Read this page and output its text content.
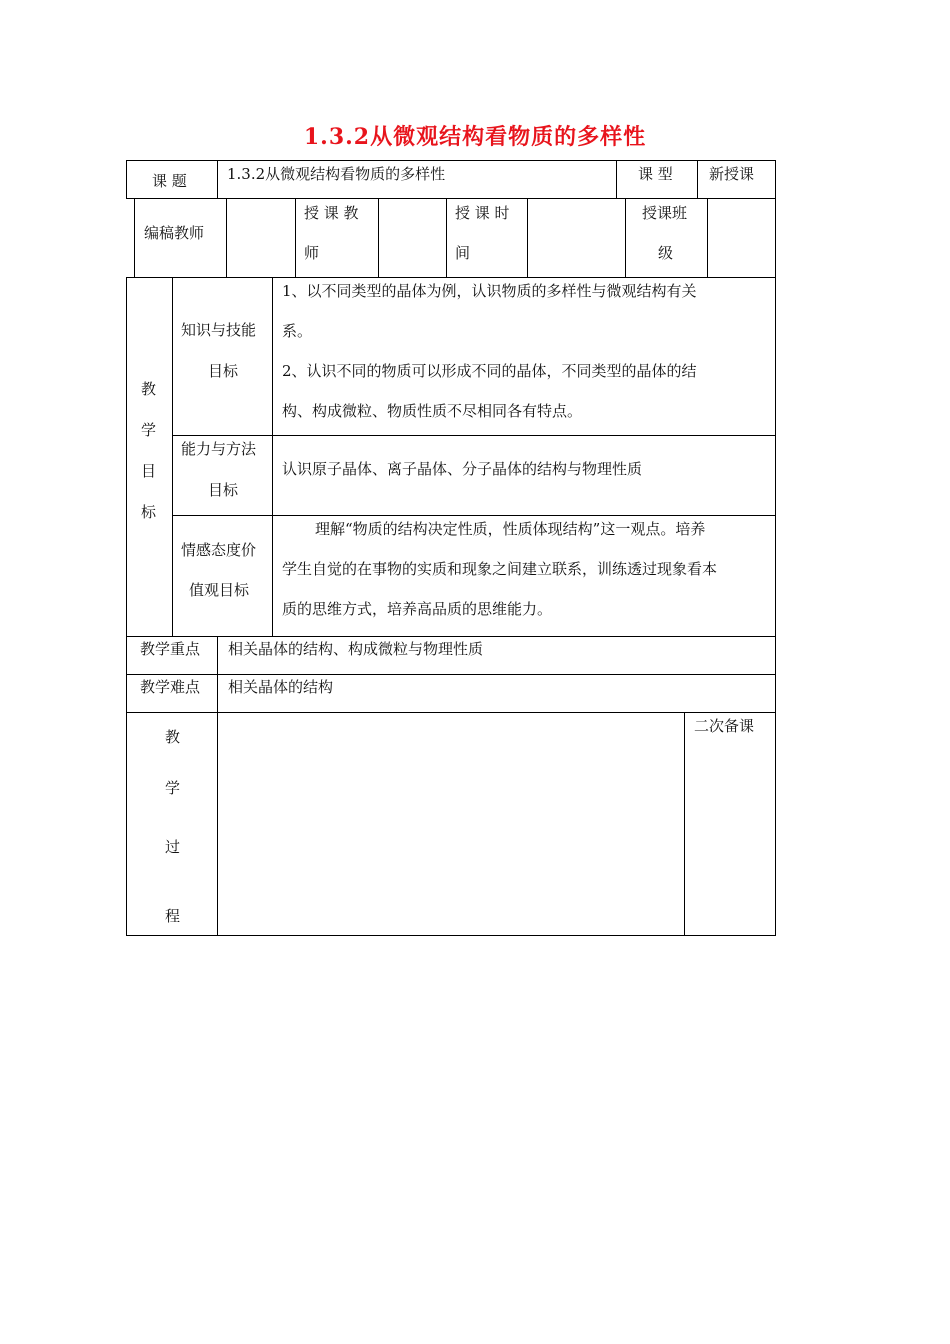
1.3.2从微观结构看物质的多样性
课 题	1.3.2从微观结构看物质的多样性	课 型 新授课
编稿教师
授 课 教
师
授 课 时
间
授课班
级
教
学
目
标
知识与技能
目标
1、以不同类型的晶体为例，认识物质的多样性与微观结构有关
系。
2、认识不同的物质可以形成不同的晶体，不同类型的晶体的结
构、构成微粒、物质性质不尽相同各有特点。
能力与方法
目标
认识原子晶体、离子晶体、分子晶体的结构与物理性质
情感态度价
值观目标
理解“物质的结构决定性质，性质体现结构”这一观点。培养
学生自觉的在事物的实质和现象之间建立联系，训练透过现象看本
质的思维方式，培养高品质的思维能力。
教学重点 相关晶体的结构、构成微粒与物理性质
教学难点 相关晶体的结构
教
学
过
程
二次备课
